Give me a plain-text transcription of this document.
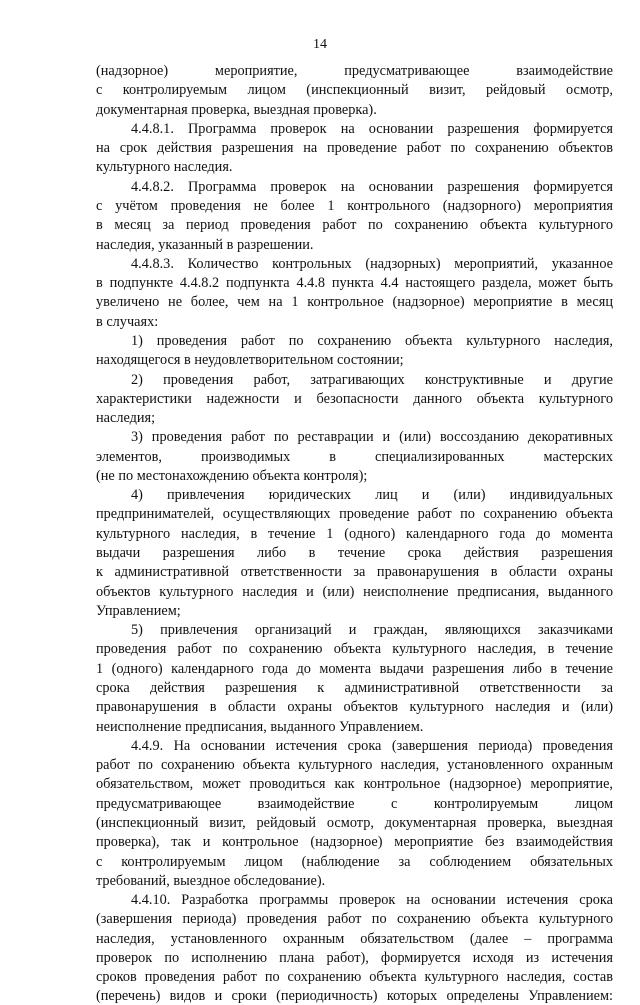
14
(надзорное) мероприятие, предусматривающее взаимодействие
с контролируемым лицом (инспекционный визит, рейдовый осмотр,
документарная проверка, выездная проверка).
4.4.8.1. Программа проверок на основании разрешения формируется
на срок действия разрешения на проведение работ по сохранению объектов
культурного наследия.
4.4.8.2. Программа проверок на основании разрешения формируется
с учётом проведения не более 1 контрольного (надзорного) мероприятия
в месяц за период проведения работ по сохранению объекта культурного
наследия, указанный в разрешении.
4.4.8.3. Количество контрольных (надзорных) мероприятий, указанное
в подпункте 4.4.8.2 подпункта 4.4.8 пункта 4.4 настоящего раздела, может быть
увеличено не более, чем на 1 контрольное (надзорное) мероприятие в месяц
в случаях:
1) проведения работ по сохранению объекта культурного наследия,
находящегося в неудовлетворительном состоянии;
2) проведения работ, затрагивающих конструктивные и другие
характеристики надежности и безопасности данного объекта культурного
наследия;
3) проведения работ по реставрации и (или) воссозданию декоративных
элементов, производимых в специализированных мастерских
(не по местонахождению объекта контроля);
4) привлечения юридических лиц и (или) индивидуальных
предпринимателей, осуществляющих проведение работ по сохранению объекта
культурного наследия, в течение 1 (одного) календарного года до момента
выдачи разрешения либо в течение срока действия разрешения
к административной ответственности за правонарушения в области охраны
объектов культурного наследия и (или) неисполнение предписания, выданного
Управлением;
5) привлечения организаций и граждан, являющихся заказчиками
проведения работ по сохранению объекта культурного наследия, в течение
1 (одного) календарного года до момента выдачи разрешения либо в течение
срока действия разрешения к административной ответственности за
правонарушения в области охраны объектов культурного наследия и (или)
неисполнение предписания, выданного Управлением.
4.4.9. На основании истечения срока (завершения периода) проведения
работ по сохранению объекта культурного наследия, установленного охранным
обязательством, может проводиться как контрольное (надзорное) мероприятие,
предусматривающее взаимодействие с контролируемым лицом
(инспекционный визит, рейдовый осмотр, документарная проверка, выездная
проверка), так и контрольное (надзорное) мероприятие без взаимодействия
с контролируемым лицом (наблюдение за соблюдением обязательных
требований, выездное обследование).
4.4.10. Разработка программы проверок на основании истечения срока
(завершения периода) проведения работ по сохранению объекта культурного
наследия, установленного охранным обязательством (далее – программа
проверок по исполнению плана работ), формируется исходя из истечения
сроков проведения работ по сохранению объекта культурного наследия, состав
(перечень) видов и сроки (периодичность) которых определены Управлением:
